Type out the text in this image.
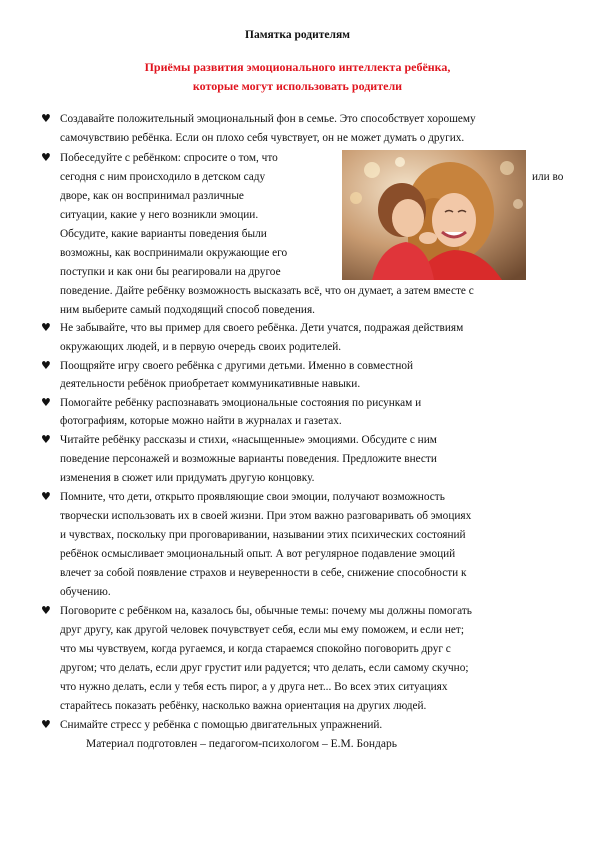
Памятка родителям
Приёмы развития эмоционального интеллекта ребёнка,
которые могут использовать родители
♥
♥
♥
♥
♥
♥
♥
♥
♥
Создавайте положительный эмоциональный фон в семье. Это способствует хорошему
самочувствию ребёнка. Если он плохо себя чувствует, он не может думать о других.
Побеседуйте с ребёнком: спросите о том, что
сегодня с ним происходило в детском саду	или во
дворе, как он воспринимал различные
ситуации, какие у него возникли эмоции.
Обсудите, какие варианты поведения были
возможны, как воспринимали окружающие его
поступки и как они бы реагировали на другое
поведение. Дайте ребёнку возможность высказать всё, что он думает, а затем вместе с
ним выберите самый подходящий способ поведения.
Не забывайте, что вы пример для своего ребёнка. Дети учатся, подражая действиям
окружающих людей, и в первую очередь своих родителей.
Поощряйте игру своего ребёнка с другими детьми. Именно в совместной
деятельности ребёнок приобретает коммуникативные навыки.
Помогайте ребёнку распознавать эмоциональные состояния по рисункам и
фотографиям, которые можно найти в журналах и газетах.
Читайте ребёнку рассказы и стихи, «насыщенные» эмоциями. Обсудите с ним
поведение персонажей и возможные варианты поведения. Предложите внести
изменения в сюжет или придумать другую концовку.
Помните, что дети, открыто проявляющие свои эмоции, получают возможность
творчески использовать их в своей жизни. При этом важно разговаривать об эмоциях
и чувствах, поскольку при проговаривании, назывании этих психических состояний
ребёнок осмысливает эмоциональный опыт. А вот регулярное подавление эмоций
влечет за собой появление страхов и неуверенности в себе, снижение способности к
обучению.
Поговорите с ребёнком на, казалось бы, обычные темы: почему мы должны помогать
друг другу, как другой человек почувствует себя, если мы ему поможем, и если нет;
что мы чувствуем, когда ругаемся, и когда стараемся спокойно поговорить друг с
другом; что делать, если друг грустит или радуется; что делать, если самому скучно;
что нужно делать, если у тебя есть пирог, а у друга нет... Во всех этих ситуациях
старайтесь показать ребёнку, насколько важна ориентация на других людей.
Снимайте стресс у ребёнка с помощью двигательных упражнений.
Материал подготовлен – педагогом-психологом – Е.М. Бондарь
